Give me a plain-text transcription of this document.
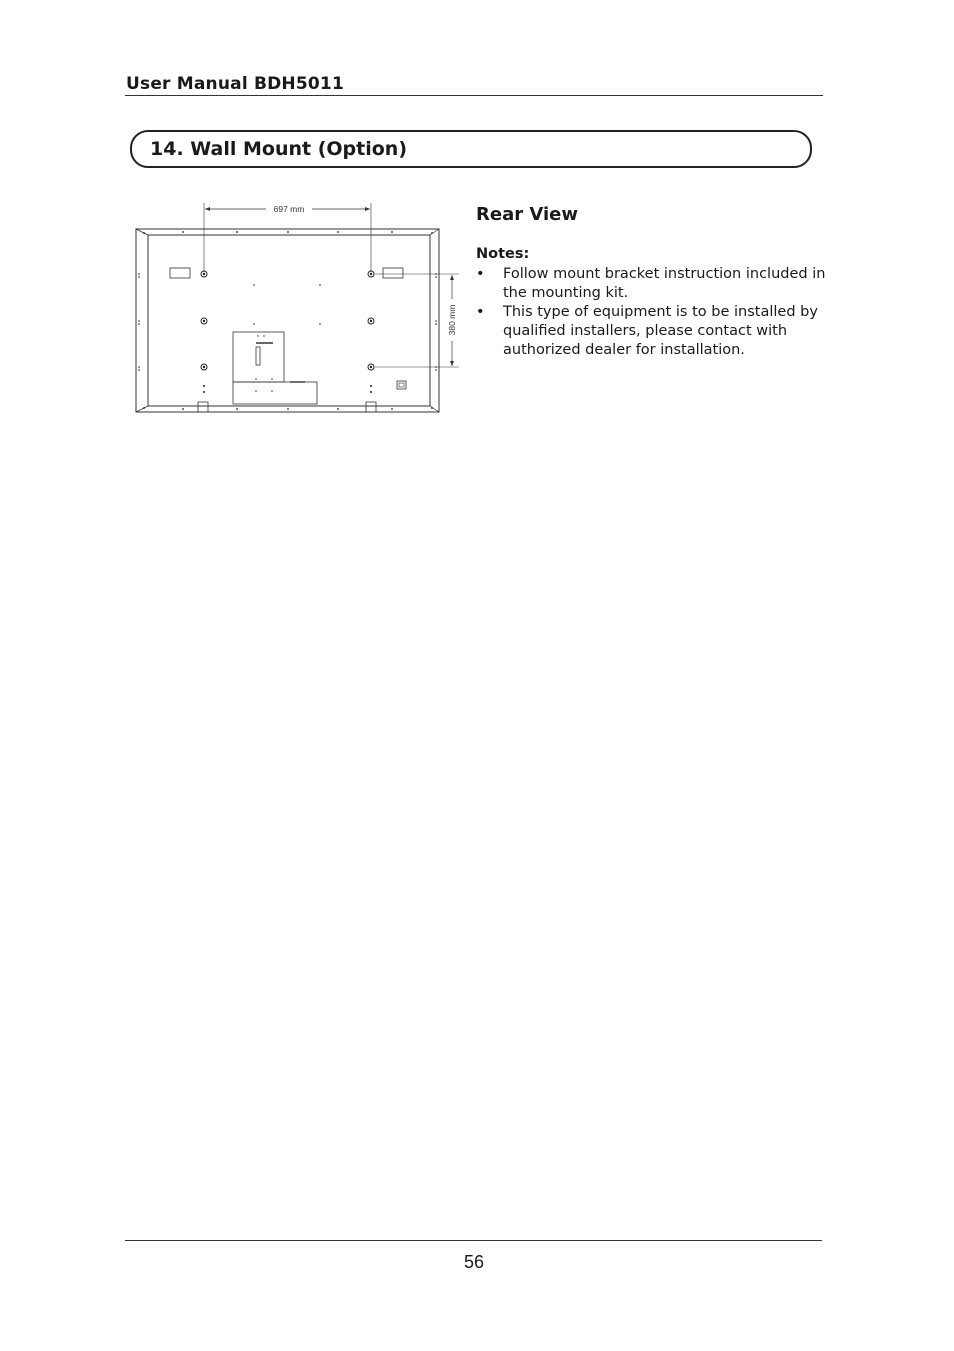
User Manual BDH5011
14. Wall Mount (Option)
697 mm
380 mm
Rear View
Notes:
• Follow mount bracket instruction included in the mounting kit.
• This type of equipment is to be installed by qualified installers, please contact with authorized dealer for installation.
56
